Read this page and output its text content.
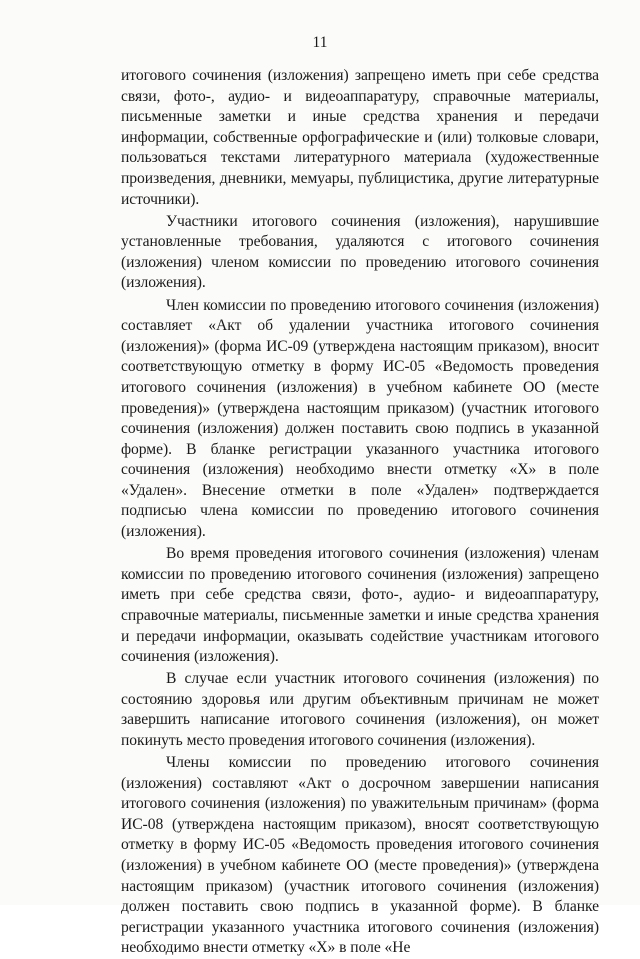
11

итогового сочинения (изложения) запрещено иметь при себе средства связи, фото-, аудио- и видеоаппаратуру, справочные материалы, письменные заметки и иные средства хранения и передачи информации, собственные орфографические и (или) толковые словари, пользоваться текстами литературного материала (художественные произведения, дневники, мемуары, публицистика, другие литературные источники).

Участники итогового сочинения (изложения), нарушившие установленные требования, удаляются с итогового сочинения (изложения) членом комиссии по проведению итогового сочинения (изложения).

Член комиссии по проведению итогового сочинения (изложения) составляет «Акт об удалении участника итогового сочинения (изложения)» (форма ИС-09 (утверждена настоящим приказом), вносит соответствующую отметку в форму ИС-05 «Ведомость проведения итогового сочинения (изложения) в учебном кабинете ОО (месте проведения)» (утверждена настоящим приказом) (участник итогового сочинения (изложения) должен поставить свою подпись в указанной форме). В бланке регистрации указанного участника итогового сочинения (изложения) необходимо внести отметку «Х» в поле «Удален». Внесение отметки в поле «Удален» подтверждается подписью члена комиссии по проведению итогового сочинения (изложения).

Во время проведения итогового сочинения (изложения) членам комиссии по проведению итогового сочинения (изложения) запрещено иметь при себе средства связи, фото-, аудио- и видеоаппаратуру, справочные материалы, письменные заметки и иные средства хранения и передачи информации, оказывать содействие участникам итогового сочинения (изложения).

В случае если участник итогового сочинения (изложения) по состоянию здоровья или другим объективным причинам не может завершить написание итогового сочинения (изложения), он может покинуть место проведения итогового сочинения (изложения).

Члены комиссии по проведению итогового сочинения (изложения) составляют «Акт о досрочном завершении написания итогового сочинения (изложения) по уважительным причинам» (форма ИС-08 (утверждена настоящим приказом), вносят соответствующую отметку в форму ИС-05 «Ведомость проведения итогового сочинения (изложения) в учебном кабинете ОО (месте проведения)» (утверждена настоящим приказом) (участник итогового сочинения (изложения) должен поставить свою подпись в указанной форме). В бланке регистрации указанного участника итогового сочинения (изложения) необходимо внести отметку «Х» в поле «Не
